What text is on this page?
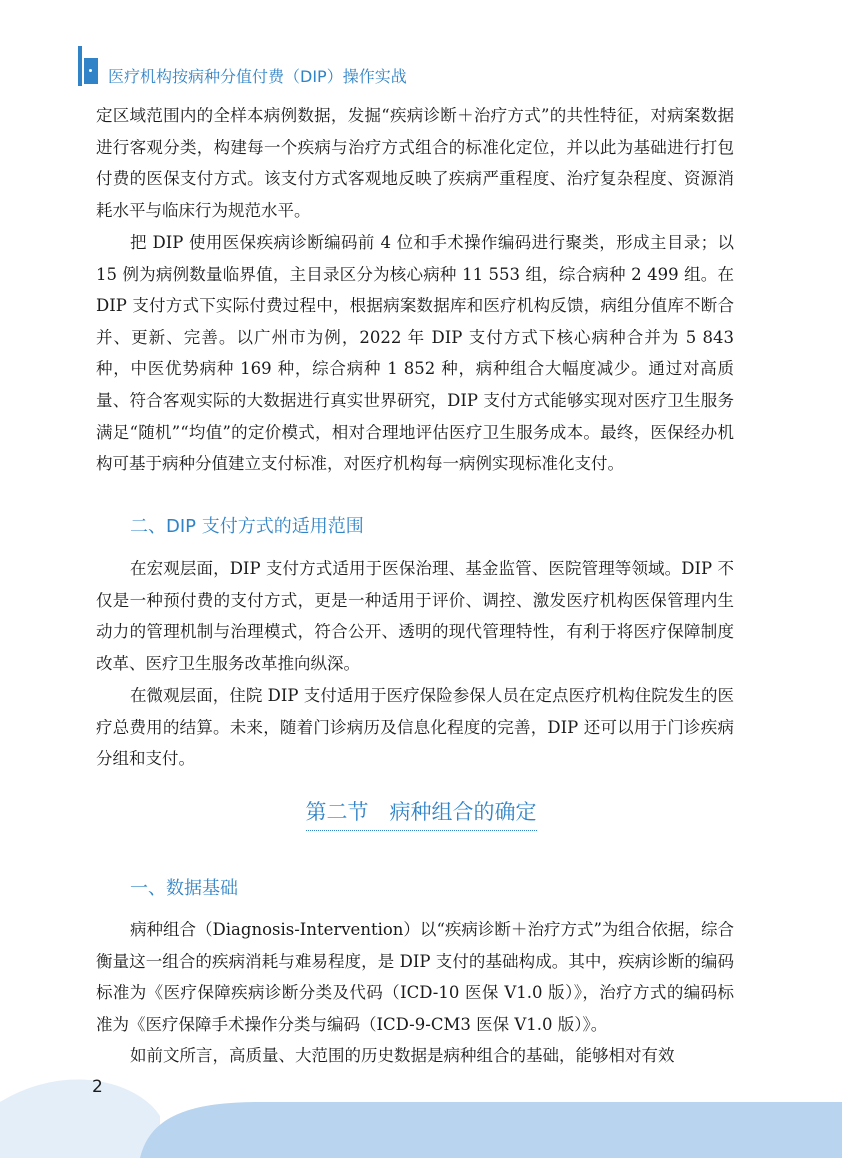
医疗机构按病种分值付费（DIP）操作实战

定区域范围内的全样本病例数据，发掘“疾病诊断＋治疗方式”的共性特征，对病案数据进行客观分类，构建每一个疾病与治疗方式组合的标准化定位，并以此为基础进行打包付费的医保支付方式。该支付方式客观地反映了疾病严重程度、治疗复杂程度、资源消耗水平与临床行为规范水平。

把 DIP 使用医保疾病诊断编码前 4 位和手术操作编码进行聚类，形成主目录；以 15 例为病例数量临界值，主目录区分为核心病种 11 553 组，综合病种 2 499 组。在 DIP 支付方式下实际付费过程中，根据病案数据库和医疗机构反馈，病组分值库不断合并、更新、完善。以广州市为例，2022 年 DIP 支付方式下核心病种合并为 5 843 种，中医优势病种 169 种，综合病种 1 852 种，病种组合大幅度减少。通过对高质量、符合客观实际的大数据进行真实世界研究，DIP 支付方式能够实现对医疗卫生服务满足“随机”“均值”的定价模式，相对合理地评估医疗卫生服务成本。最终，医保经办机构可基于病种分值建立支付标准，对医疗机构每一病例实现标准化支付。

二、DIP 支付方式的适用范围

在宏观层面，DIP 支付方式适用于医保治理、基金监管、医院管理等领域。DIP 不仅是一种预付费的支付方式，更是一种适用于评价、调控、激发医疗机构医保管理内生动力的管理机制与治理模式，符合公开、透明的现代管理特性，有利于将医疗保障制度改革、医疗卫生服务改革推向纵深。

在微观层面，住院 DIP 支付适用于医疗保险参保人员在定点医疗机构住院发生的医疗总费用的结算。未来，随着门诊病历及信息化程度的完善，DIP 还可以用于门诊疾病分组和支付。

第二节　病种组合的确定
一、数据基础

病种组合（Diagnosis-Intervention）以“疾病诊断＋治疗方式”为组合依据，综合衡量这一组合的疾病消耗与难易程度，是 DIP 支付的基础构成。其中，疾病诊断的编码标准为《医疗保障疾病诊断分类及代码（ICD-10 医保 V1.0 版）》，治疗方式的编码标准为《医疗保障手术操作分类与编码（ICD-9-CM3 医保 V1.0 版）》。

如前文所言，高质量、大范围的历史数据是病种组合的基础，能够相对有效

2
